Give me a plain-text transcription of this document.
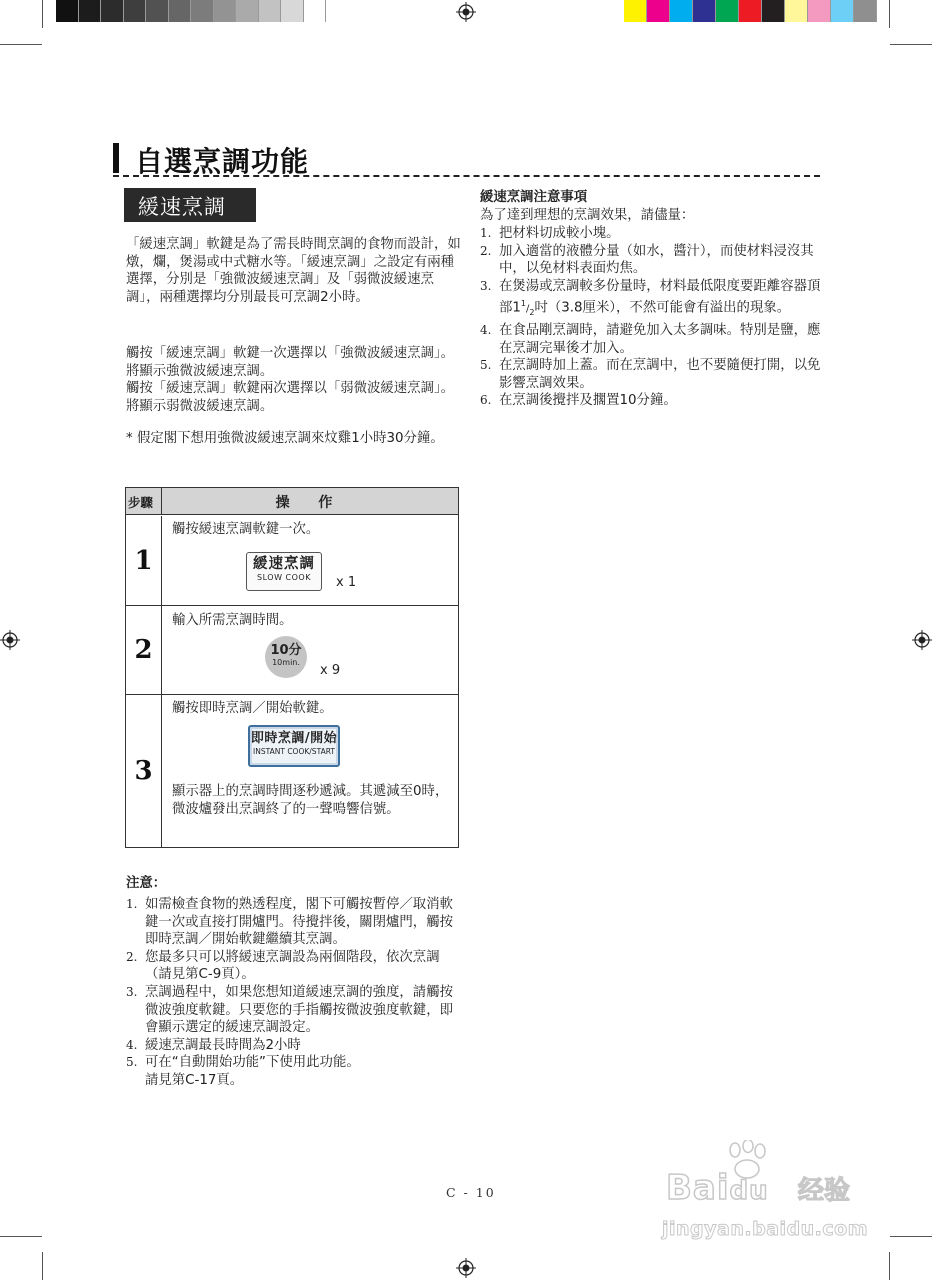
自選烹調功能
緩速烹調

「緩速烹調」軟鍵是為了需長時間烹調的食物而設計，如燉，爛，煲湯或中式糖水等。「緩速烹調」之設定有兩種選擇，分別是「強微波緩速烹調」及「弱微波緩速烹調」，兩種選擇均分別最長可烹調2小時。

觸按「緩速烹調」軟鍵一次選擇以「強微波緩速烹調」。將顯示強微波緩速烹調。

觸按「緩速烹調」軟鍵兩次選擇以「弱微波緩速烹調」。將顯示弱微波緩速烹調。

* 假定閣下想用強微波緩速烹調來炆雞1小時30分鐘。

步驟	操 作
1
觸按緩速烹調軟鍵一次。
緩速烹調
SLOW COOK	x 1
2
輸入所需烹調時間。
10分
10min.
x 9
3
觸按即時烹調／開始軟鍵。
即時烹調/開始
INSTANT COOK/START
顯示器上的烹調時間逐秒遞減。其遞減至0時，微波爐發出烹調終了的一聲鳴響信號。
注意：
1. 如需檢查食物的熟透程度，閣下可觸按暫停／取消軟鍵一次或直接打開爐門。待攪拌後，關閉爐門，觸按即時烹調／開始軟鍵繼續其烹調。
2. 您最多只可以將緩速烹調設為兩個階段，依次烹調（請見第C-9頁）。
3. 烹調過程中，如果您想知道緩速烹調的強度，請觸按微波強度軟鍵。只要您的手指觸按微波強度軟鍵，即會顯示選定的緩速烹調設定。
4. 緩速烹調最長時間為2小時
5. 可在“自動開始功能”下使用此功能。
請見第C-17頁。
緩速烹調注意事項
為了達到理想的烹調效果，請儘量：
1. 把材料切成較小塊。
2. 加入適當的液體分量（如水，醬汁），而使材料浸沒其中，以免材料表面灼焦。
3. 在煲湯或烹調較多份量時，材料最低限度要距離容器頂部$1^1/_2$吋（3.8厘米），不然可能會有溢出的現象。
4. 在食品剛烹調時，請避免加入太多調味。特別是鹽，應在烹調完畢後才加入。
5. 在烹調時加上蓋。而在烹調中，也不要隨便打開，以免影響烹調效果。
6. 在烹調後攪拌及擱置10分鐘。
C - 10	Baidu 经验
jingyan.baidu.com
